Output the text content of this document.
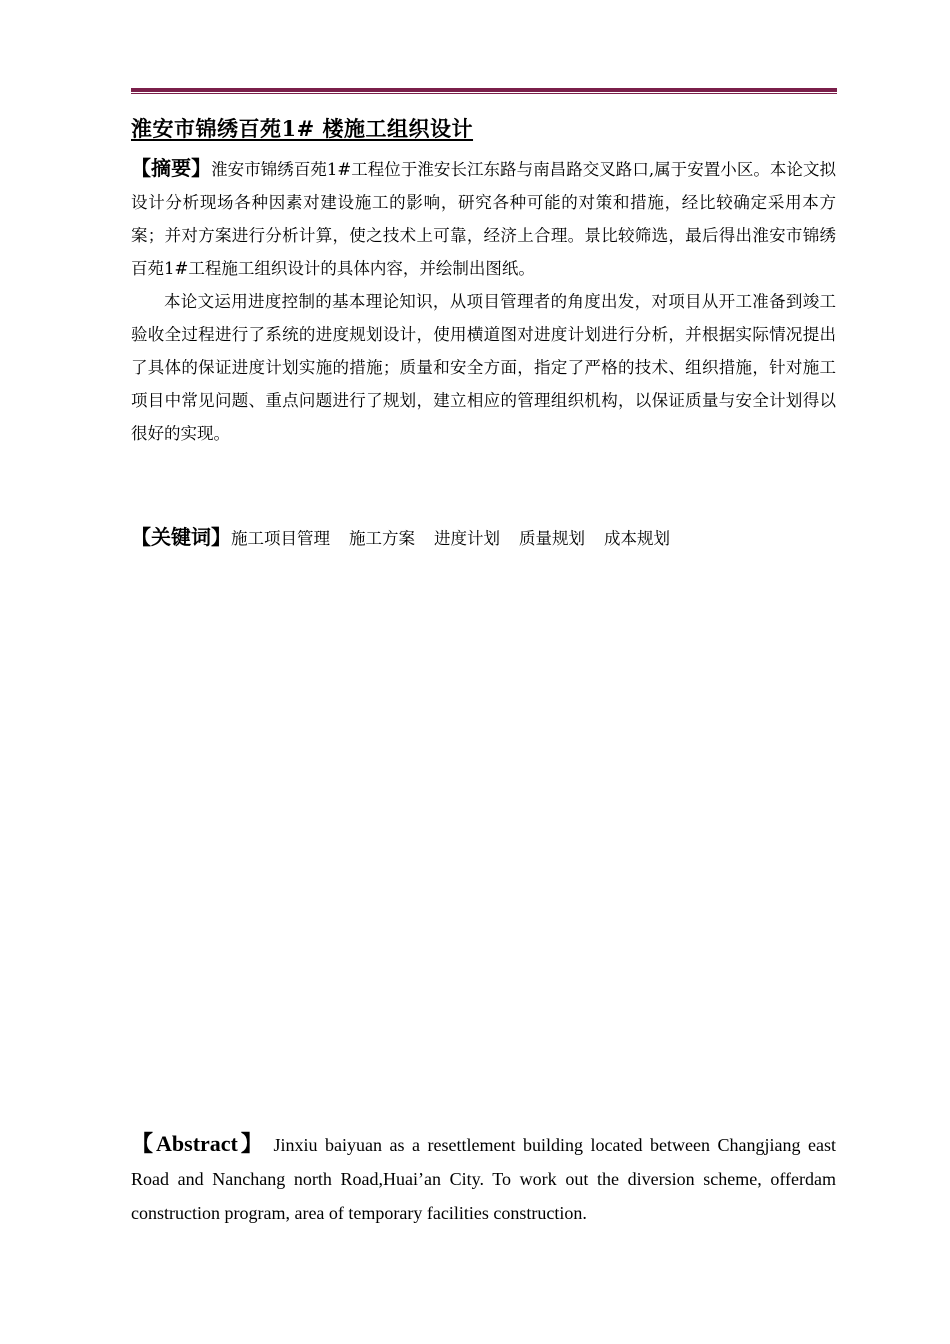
淮安市锦绣百苑1# 楼施工组织设计

【摘要】淮安市锦绣百苑1#工程位于淮安长江东路与南昌路交叉路口,属于安置小区。本论文拟设计分析现场各种因素对建设施工的影响，研究各种可能的对策和措施，经比较确定采用本方案；并对方案进行分析计算，使之技术上可靠，经济上合理。景比较筛选，最后得出淮安市锦绣百苑1#工程施工组织设计的具体内容，并绘制出图纸。

本论文运用进度控制的基本理论知识，从项目管理者的角度出发，对项目从开工准备到竣工验收全过程进行了系统的进度规划设计，使用横道图对进度计划进行分析，并根据实际情况提出了具体的保证进度计划实施的措施；质量和安全方面，指定了严格的技术、组织措施，针对施工项目中常见问题、重点问题进行了规划，建立相应的管理组织机构，以保证质量与安全计划得以很好的实现。

【关键词】施工项目管理 施工方案 进度计划 质量规划 成本规划
【Abstract】 Jinxiu baiyuan as a resettlement building located between Changjiang east Road and Nanchang north Road,Huai’an City. To work out the diversion scheme, offerdam construction program, area of temporary facilities construction.
